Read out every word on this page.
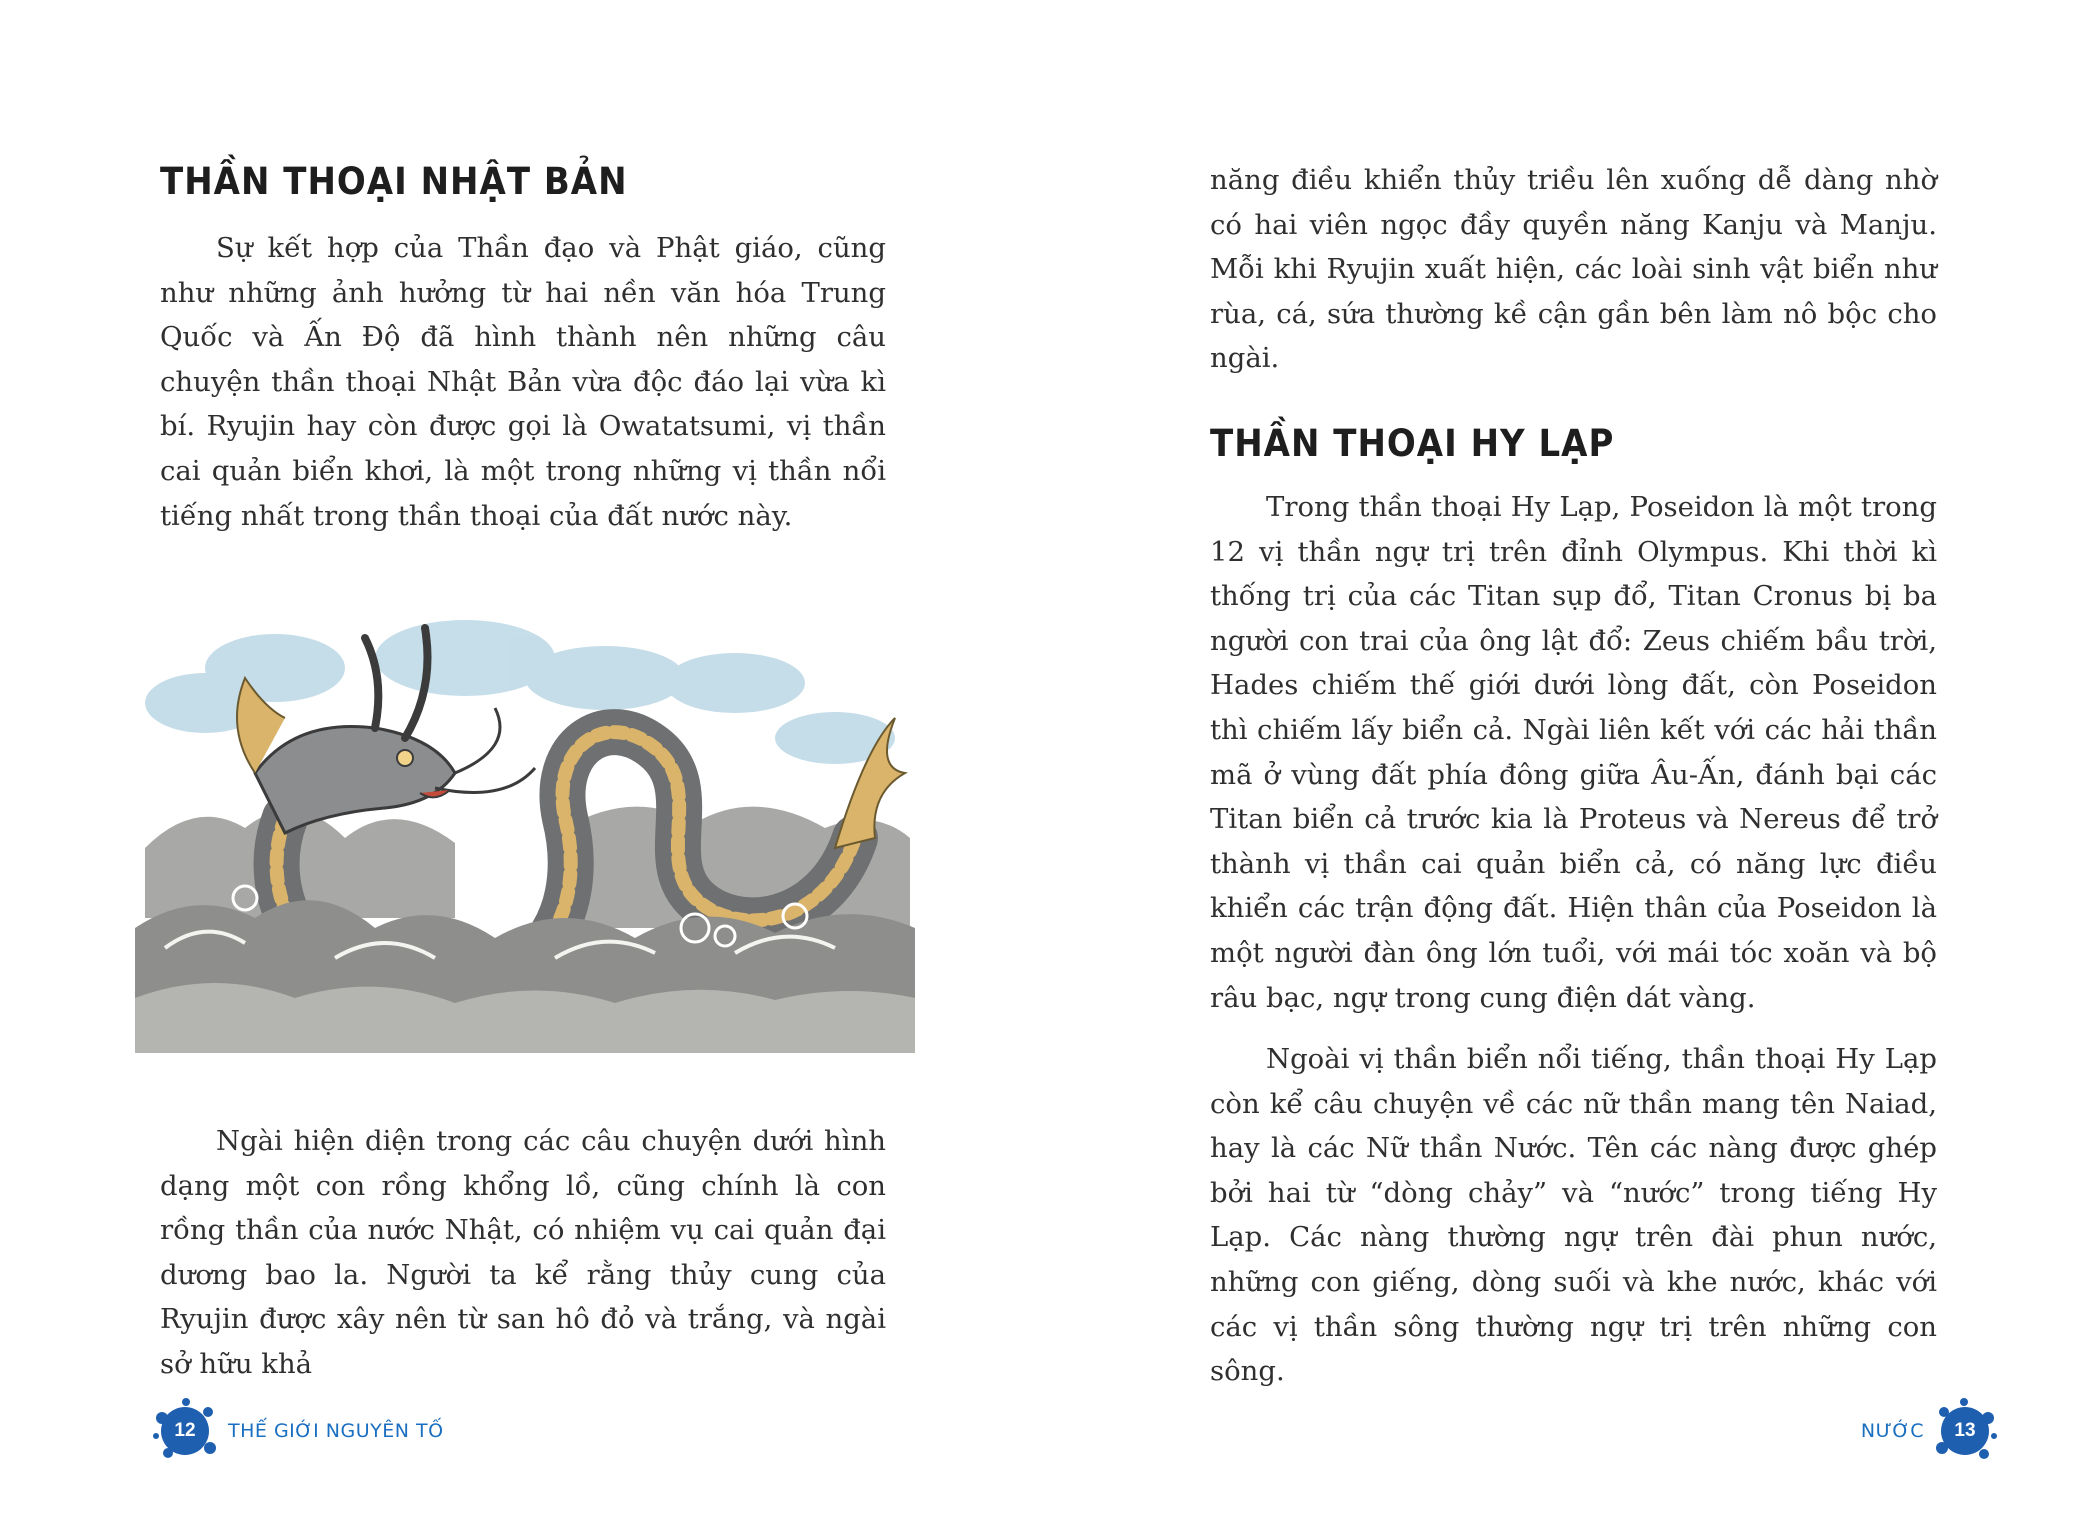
THẦN THOẠI NHẬT BẢN

Sự kết hợp của Thần đạo và Phật giáo, cũng như những ảnh hưởng từ hai nền văn hóa Trung Quốc và Ấn Độ đã hình thành nên những câu chuyện thần thoại Nhật Bản vừa độc đáo lại vừa kì bí. Ryujin hay còn được gọi là Owatatsumi, vị thần cai quản biển khơi, là một trong những vị thần nổi tiếng nhất trong thần thoại của đất nước này.

Ngài hiện diện trong các câu chuyện dưới hình dạng một con rồng khổng lồ, cũng chính là con rồng thần của nước Nhật, có nhiệm vụ cai quản đại dương bao la. Người ta kể rằng thủy cung của Ryujin được xây nên từ san hô đỏ và trắng, và ngài sở hữu khả

12	THẾ GIỚI NGUYÊN TỐ

năng điều khiển thủy triều lên xuống dễ dàng nhờ có hai viên ngọc đầy quyền năng Kanju và Manju. Mỗi khi Ryujin xuất hiện, các loài sinh vật biển như rùa, cá, sứa thường kề cận gần bên làm nô bộc cho ngài.

THẦN THOẠI HY LẠP

Trong thần thoại Hy Lạp, Poseidon là một trong 12 vị thần ngự trị trên đỉnh Olympus. Khi thời kì thống trị của các Titan sụp đổ, Titan Cronus bị ba người con trai của ông lật đổ: Zeus chiếm bầu trời, Hades chiếm thế giới dưới lòng đất, còn Poseidon thì chiếm lấy biển cả. Ngài liên kết với các hải thần mã ở vùng đất phía đông giữa Âu-Ấn, đánh bại các Titan biển cả trước kia là Proteus và Nereus để trở thành vị thần cai quản biển cả, có năng lực điều khiển các trận động đất. Hiện thân của Poseidon là một người đàn ông lớn tuổi, với mái tóc xoăn và bộ râu bạc, ngự trong cung điện dát vàng.

Ngoài vị thần biển nổi tiếng, thần thoại Hy Lạp còn kể câu chuyện về các nữ thần mang tên Naiad, hay là các Nữ thần Nước. Tên các nàng được ghép bởi hai từ “dòng chảy” và “nước” trong tiếng Hy Lạp. Các nàng thường ngự trên đài phun nước, những con giếng, dòng suối và khe nước, khác với các vị thần sông thường ngự trị trên những con sông.

NƯỚC	13
